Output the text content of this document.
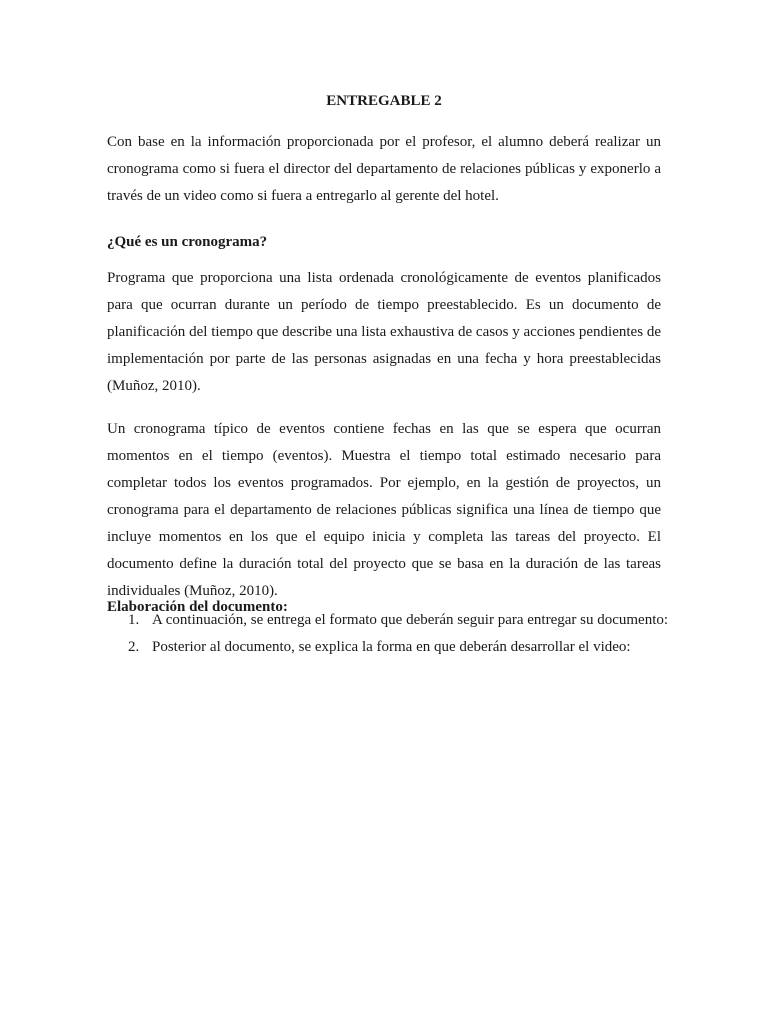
ENTREGABLE 2

Con base en la información proporcionada por el profesor, el alumno deberá realizar un cronograma como si fuera el director del departamento de relaciones públicas y exponerlo a través de un video como si fuera a entregarlo al gerente del hotel.

¿Qué es un cronograma?

Programa que proporciona una lista ordenada cronológicamente de eventos planificados para que ocurran durante un período de tiempo preestablecido. Es un documento de planificación del tiempo que describe una lista exhaustiva de casos y acciones pendientes de implementación por parte de las personas asignadas en una fecha y hora preestablecidas (Muñoz, 2010).

Un cronograma típico de eventos contiene fechas en las que se espera que ocurran momentos en el tiempo (eventos). Muestra el tiempo total estimado necesario para completar todos los eventos programados. Por ejemplo, en la gestión de proyectos, un cronograma para el departamento de relaciones públicas significa una línea de tiempo que incluye momentos en los que el equipo inicia y completa las tareas del proyecto. El documento define la duración total del proyecto que se basa en la duración de las tareas individuales (Muñoz, 2010).

Elaboración del documento:
1. A continuación, se entrega el formato que deberán seguir para entregar su documento:
2. Posterior al documento, se explica la forma en que deberán desarrollar el video:
